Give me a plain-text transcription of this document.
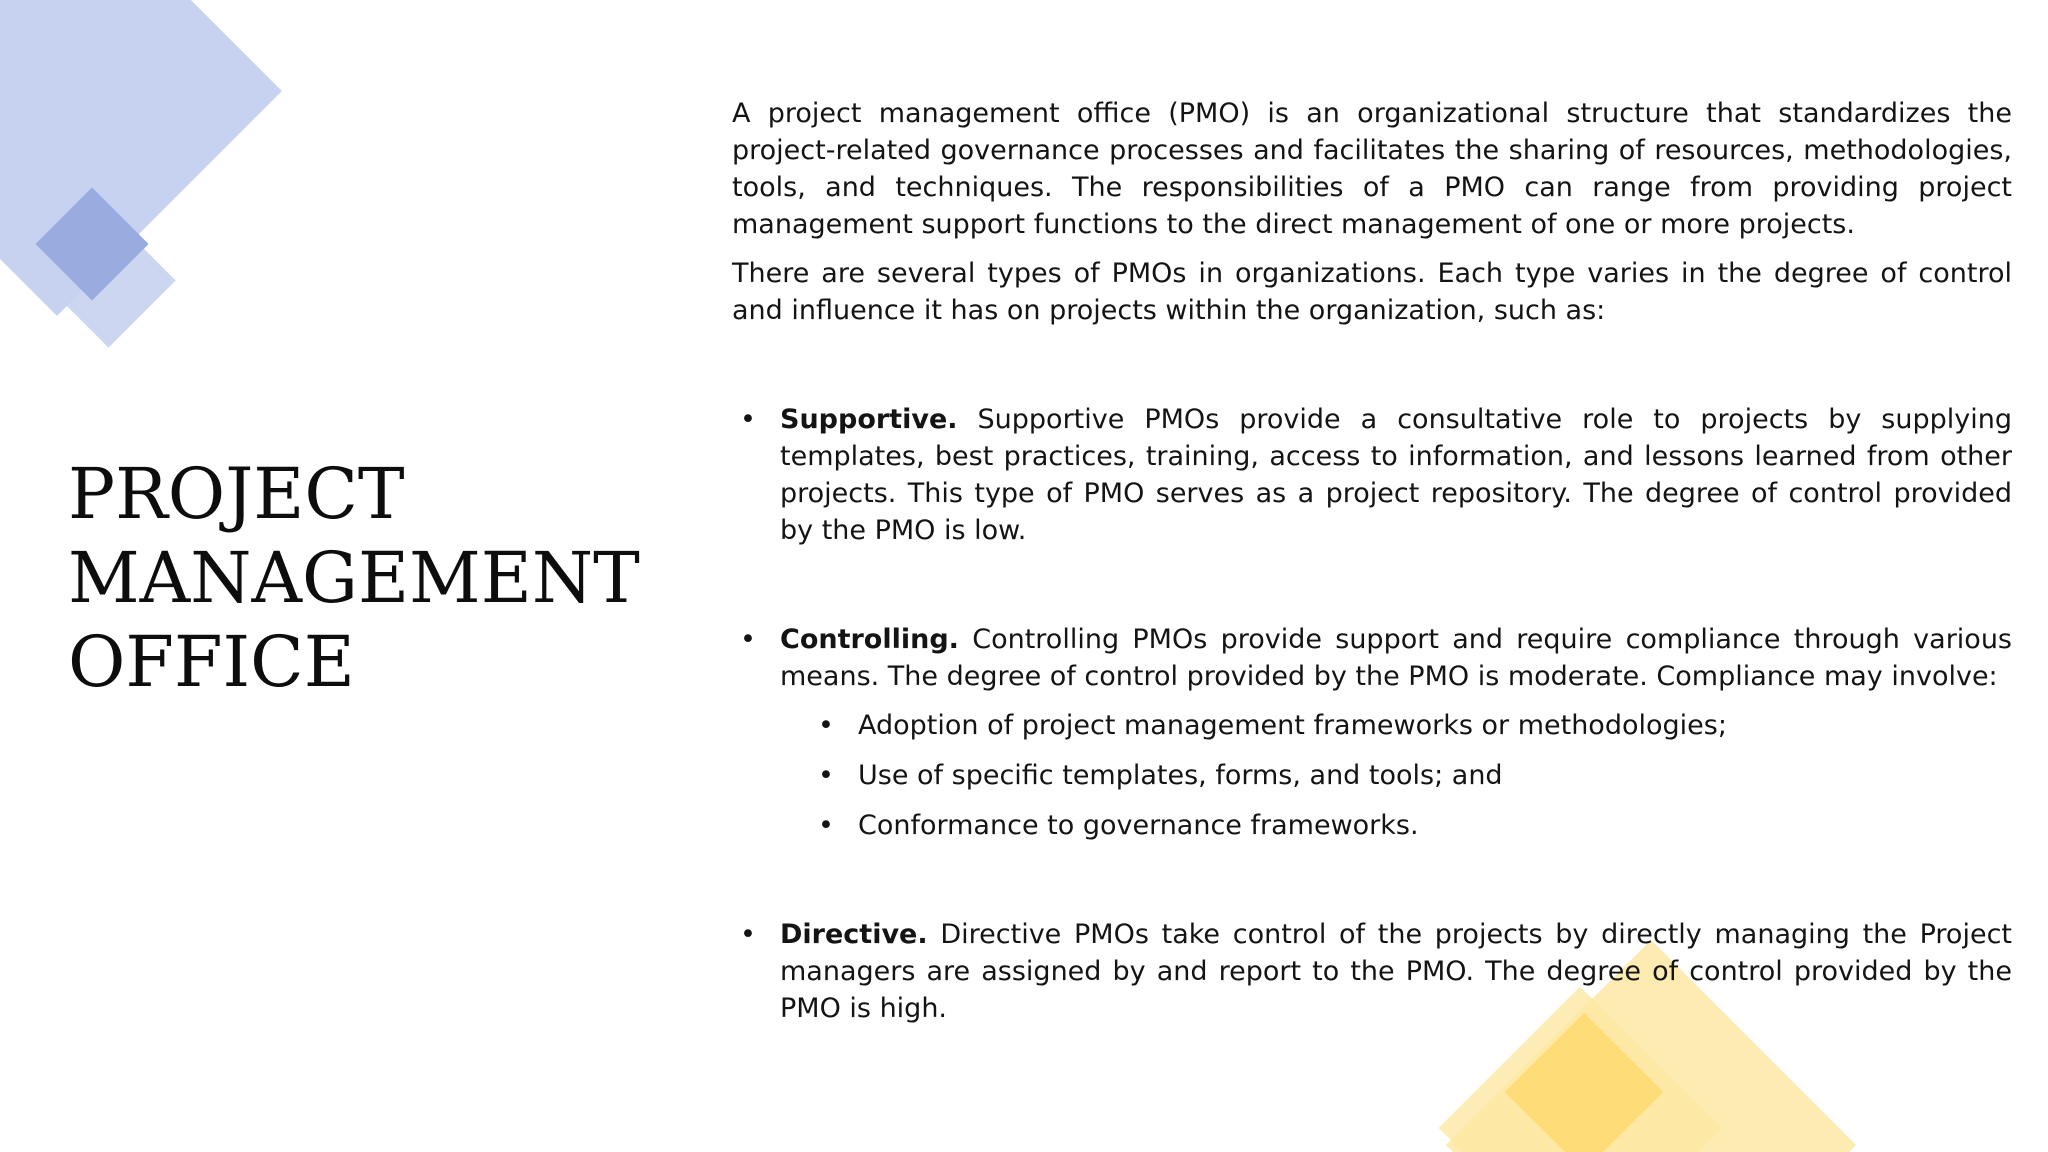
PROJECT
MANAGEMENT
OFFICE

A project management office (PMO) is an organizational structure that standardizes the project-related governance processes and facilitates the sharing of resources, methodologies, tools, and techniques. The responsibilities of a PMO can range from providing project management support functions to the direct management of one or more projects.

There are several types of PMOs in organizations. Each type varies in the degree of control and influence it has on projects within the organization, such as:

• Supportive. Supportive PMOs provide a consultative role to projects by supplying templates, best practices, training, access to information, and lessons learned from other projects. This type of PMO serves as a project repository. The degree of control provided by the PMO is low.
• Controlling. Controlling PMOs provide support and require compliance through various means. The degree of control provided by the PMO is moderate. Compliance may involve:
• Adoption of project management frameworks or methodologies;
• Use of specific templates, forms, and tools; and
• Conformance to governance frameworks.
• Directive. Directive PMOs take control of the projects by directly managing the Project managers are assigned by and report to the PMO. The degree of control provided by the PMO is high.
